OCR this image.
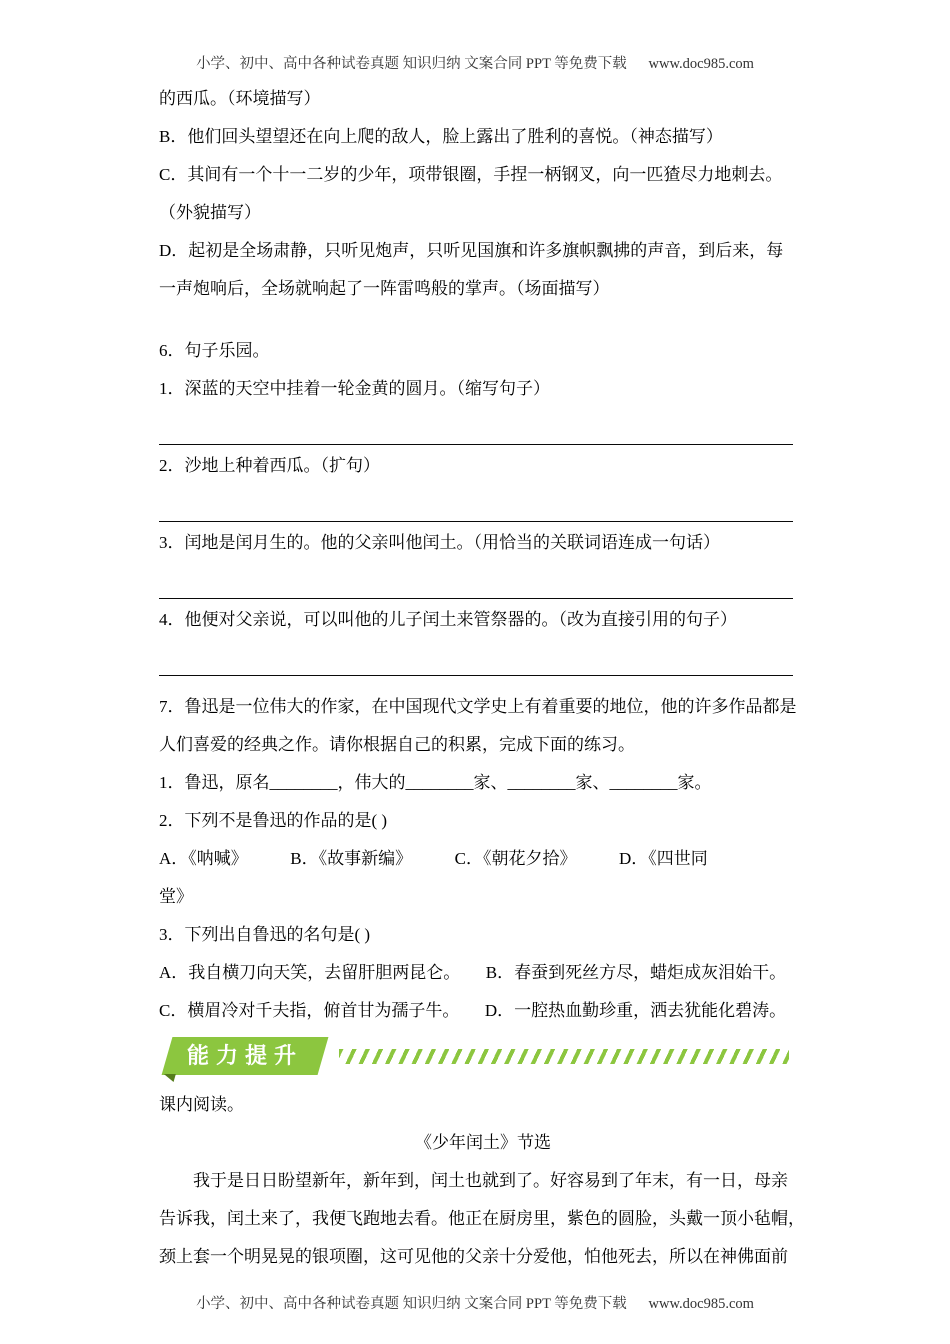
小学、初中、高中各种试卷真题 知识归纳 文案合同 PPT 等免费下载      www.doc985.com
的西瓜。（环境描写）
B．他们回头望望还在向上爬的敌人，脸上露出了胜利的喜悦。（神态描写）
C．其间有一个十一二岁的少年，项带银圈，手捏一柄钢叉，向一匹猹尽力地刺去。
（外貌描写）
D．起初是全场肃静，只听见炮声，只听见国旗和许多旗帜飘拂的声音，到后来，每
一声炮响后，全场就响起了一阵雷鸣般的掌声。（场面描写）
6．句子乐园。
1．深蓝的天空中挂着一轮金黄的圆月。（缩写句子）
2．沙地上种着西瓜。（扩句）
3．闰地是闰月生的。他的父亲叫他闰土。（用恰当的关联词语连成一句话）
4．他便对父亲说，可以叫他的儿子闰土来管祭器的。（改为直接引用的句子）
7．鲁迅是一位伟大的作家，在中国现代文学史上有着重要的地位，他的许多作品都是
人们喜爱的经典之作。请你根据自己的积累，完成下面的练习。
1．鲁迅，原名________，伟大的________家、________家、________家。
2．下列不是鲁迅的作品的是( )
A．《呐喊》　　　B．《故事新编》　　　C．《朝花夕拾》　　　D．《四世同
堂》
3．下列出自鲁迅的名句是( )
A．我自横刀向天笑，去留肝胆两昆仑。　　B．春蚕到死丝方尽，蜡炬成灰泪始干。
C．横眉冷对千夫指，俯首甘为孺子牛。　　D．一腔热血勤珍重，洒去犹能化碧涛。
能力提升
课内阅读。
《少年闰土》节选
　　我于是日日盼望新年，新年到，闰土也就到了。好容易到了年末，有一日，母亲
告诉我，闰土来了，我便飞跑地去看。他正在厨房里，紫色的圆脸，头戴一顶小毡帽，
颈上套一个明晃晃的银项圈，这可见他的父亲十分爱他，怕他死去，所以在神佛面前
小学、初中、高中各种试卷真题 知识归纳 文案合同 PPT 等免费下载      www.doc985.com
